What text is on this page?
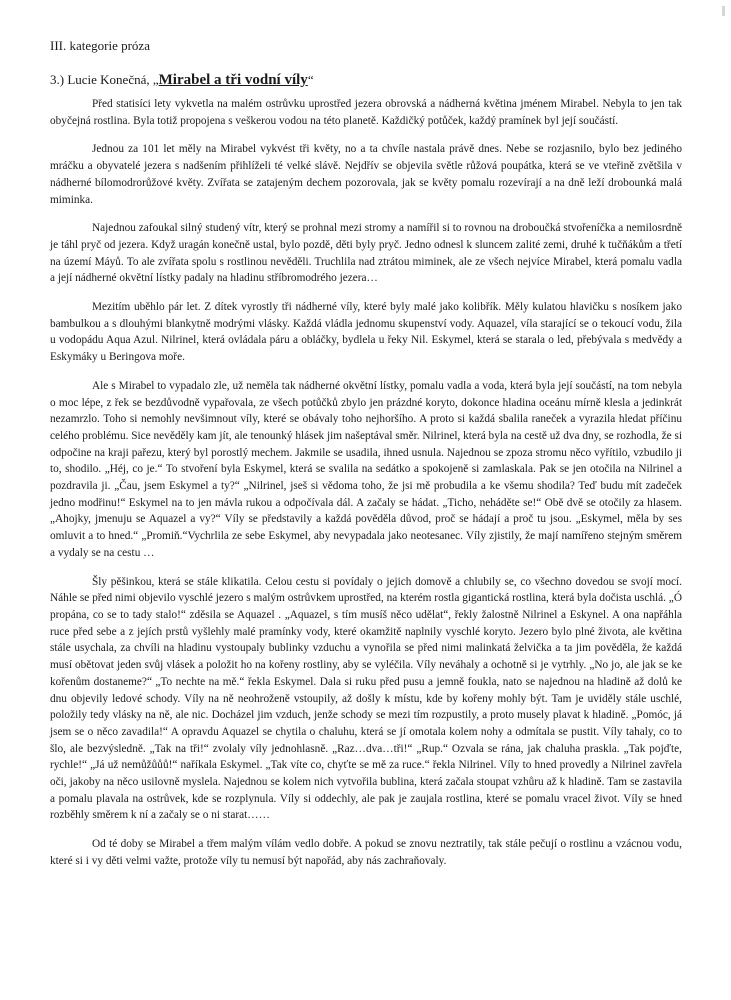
III. kategorie próza
3.) Lucie Konečná, „Mirabel a tři vodní víly“

Před statisíci lety vykvetla na malém ostrůvku uprostřed jezera obrovská a nádherná květina jménem Mirabel. Nebyla to jen tak obyčejná rostlina. Byla totiž propojena s veškerou vodou na této planetě. Každičký potůček, každý pramínek byl její součástí.

Jednou za 101 let měly na Mirabel vykvést tři květy, no a ta chvíle nastala právě dnes. Nebe se rozjasnilo, bylo bez jediného mráčku a obyvatelé jezera s nadšením přihlíželi té velké slávě. Nejdřív se objevila světle růžová poupátka, která se ve vteřině zvětšila v nádherné bílomodrorůžové květy. Zvířata se zatajeným dechem pozorovala, jak se květy pomalu rozevírají a na dně leží drobounká malá miminka.

Najednou zafoukal silný studený vítr, který se prohnal mezi stromy a namířil si to rovnou na droboučká stvořeníčka a nemilosrdně je táhl pryč od jezera. Když uragán konečně ustal, bylo pozdě, děti byly pryč. Jedno odnesl k sluncem zalité zemi, druhé k tučňákům a třetí na území Máyů. To ale zvířata spolu s rostlinou nevěděli. Truchlila nad ztrátou miminek, ale ze všech nejvíce Mirabel, která pomalu vadla a její nádherné okvětní lístky padaly na hladinu stříbromodrého jezera…

Mezitím uběhlo pár let. Z dítek vyrostly tři nádherné víly, které byly malé jako kolibřík. Měly kulatou hlavičku s nosíkem jako bambulkou a s dlouhými blankytně modrými vlásky. Každá vládla jednomu skupenství vody. Aquazel, víla starající se o tekoucí vodu, žila u vodopádu Aqua Azul. Nilrinel, která ovládala páru a obláčky, bydlela u řeky Nil. Eskymel, která se starala o led, přebývala s medvědy a Eskymáky u Beringova moře.

Ale s Mirabel to vypadalo zle, už neměla tak nádherné okvětní lístky, pomalu vadla a voda, která byla její součástí, na tom nebyla o moc lépe, z řek se bezdůvodně vypařovala, ze všech potůčků zbylo jen prázdné koryto, dokonce hladina oceánu mírně klesla a jedinkrát nezamrzlo. Toho si nemohly nevšimnout víly, které se obávaly toho nejhoršího. A proto si každá sbalila raneček a vyrazila hledat příčinu celého problému. Sice nevěděly kam jít, ale tenounký hlásek jim našeptával směr. Nilrinel, která byla na cestě už dva dny, se rozhodla, že si odpočine na kraji pařezu, který byl porostlý mechem. Jakmile se usadila, ihned usnula. Najednou se zpoza stromu něco vyřítilo, vzbudilo ji to, shodilo. „Héj, co je.“ To stvoření byla Eskymel, která se svalila na sedátko a spokojeně si zamlaskala. Pak se jen otočila na Nilrinel a pozdravila ji. „Čau, jsem Eskymel a ty?“ „Nilrinel, jseš si vědoma toho, že jsi mě probudila a ke všemu shodila? Teď budu mít zadeček jedno modřinu!“ Eskymel na to jen mávla rukou a odpočívala dál. A začaly se hádat. „Ticho, neháděte se!“ Obě dvě se otočily za hlasem. „Ahojky, jmenuju se Aquazel a vy?“ Víly se představily a každá pověděla důvod, proč se hádají a proč tu jsou. „Eskymel, měla by ses omluvit a to hned.“ „Promiň.“Vychrlila ze sebe Eskymel, aby nevypadala jako neotesanec. Víly zjistily, že mají namířeno stejným směrem a vydaly se na cestu …

Šly pěšinkou, která se stále klikatila. Celou cestu si povídaly o jejich domově a chlubily se, co všechno dovedou se svojí mocí. Náhle se před nimi objevilo vyschlé jezero s malým ostrůvkem uprostřed, na kterém rostla gigantická rostlina, která byla dočista uschlá. „Ó propána, co se to tady stalo!“ zděsila se Aquazel . „Aquazel, s tím musíš něco udělat“, řekly žalostně Nilrinel a Eskynel. A ona napřáhla ruce před sebe a z jejích prstů vyšlehly malé pramínky vody, které okamžitě naplnily vyschlé koryto. Jezero bylo plné života, ale květina stále usychala, za chvíli na hladinu vystoupaly bublinky vzduchu a vynořila se před nimi malinkatá želvička a ta jim pověděla, že každá musí obětovat jeden svůj vlásek a položit ho na kořeny rostliny, aby se vyléčila. Víly neváhaly a ochotně si je vytrhly. „No jo, ale jak se ke kořenům dostaneme?“ „To nechte na mě.“ řekla Eskymel. Dala si ruku před pusu a jemně foukla, nato se najednou na hladině až dolů ke dnu objevily ledové schody. Víly na ně neohroženě vstoupily, až došly k místu, kde by kořeny mohly být. Tam je uviděly stále uschlé, položily tedy vlásky na ně, ale nic. Docházel jim vzduch, jenže schody se mezi tím rozpustily, a proto musely plavat k hladině. „Pomóc, já jsem se o něco zavadila!“ A opravdu Aquazel se chytila o chaluhu, která se jí omotala kolem nohy a odmítala se pustit. Víly tahaly, co to šlo, ale bezvýsledně. „Tak na tři!“ zvolaly víly jednohlasně. „Raz…dva…tři!“ „Rup.“ Ozvala se rána, jak chaluha praskla. „Tak pojďte, rychle!“ „Já už nemůžůůů!“ naříkala Eskymel. „Tak víte co, chyťte se mě za ruce.“ řekla Nilrinel. Víly to hned provedly a Nilrinel zavřela oči, jakoby na něco usilovně myslela. Najednou se kolem nich vytvořila bublina, která začala stoupat vzhůru až k hladině. Tam se zastavila a pomalu plavala na ostrůvek, kde se rozplynula. Víly si oddechly, ale pak je zaujala rostlina, které se pomalu vracel život. Víly se hned rozběhly směrem k ní a začaly se o ni starat……

Od té doby se Mirabel a třem malým vílám vedlo dobře. A pokud se znovu neztratily, tak stále pečují o rostlinu a vzácnou vodu, které si i vy děti velmi važte, protože víly tu nemusí být napořád, aby nás zachraňovaly.
